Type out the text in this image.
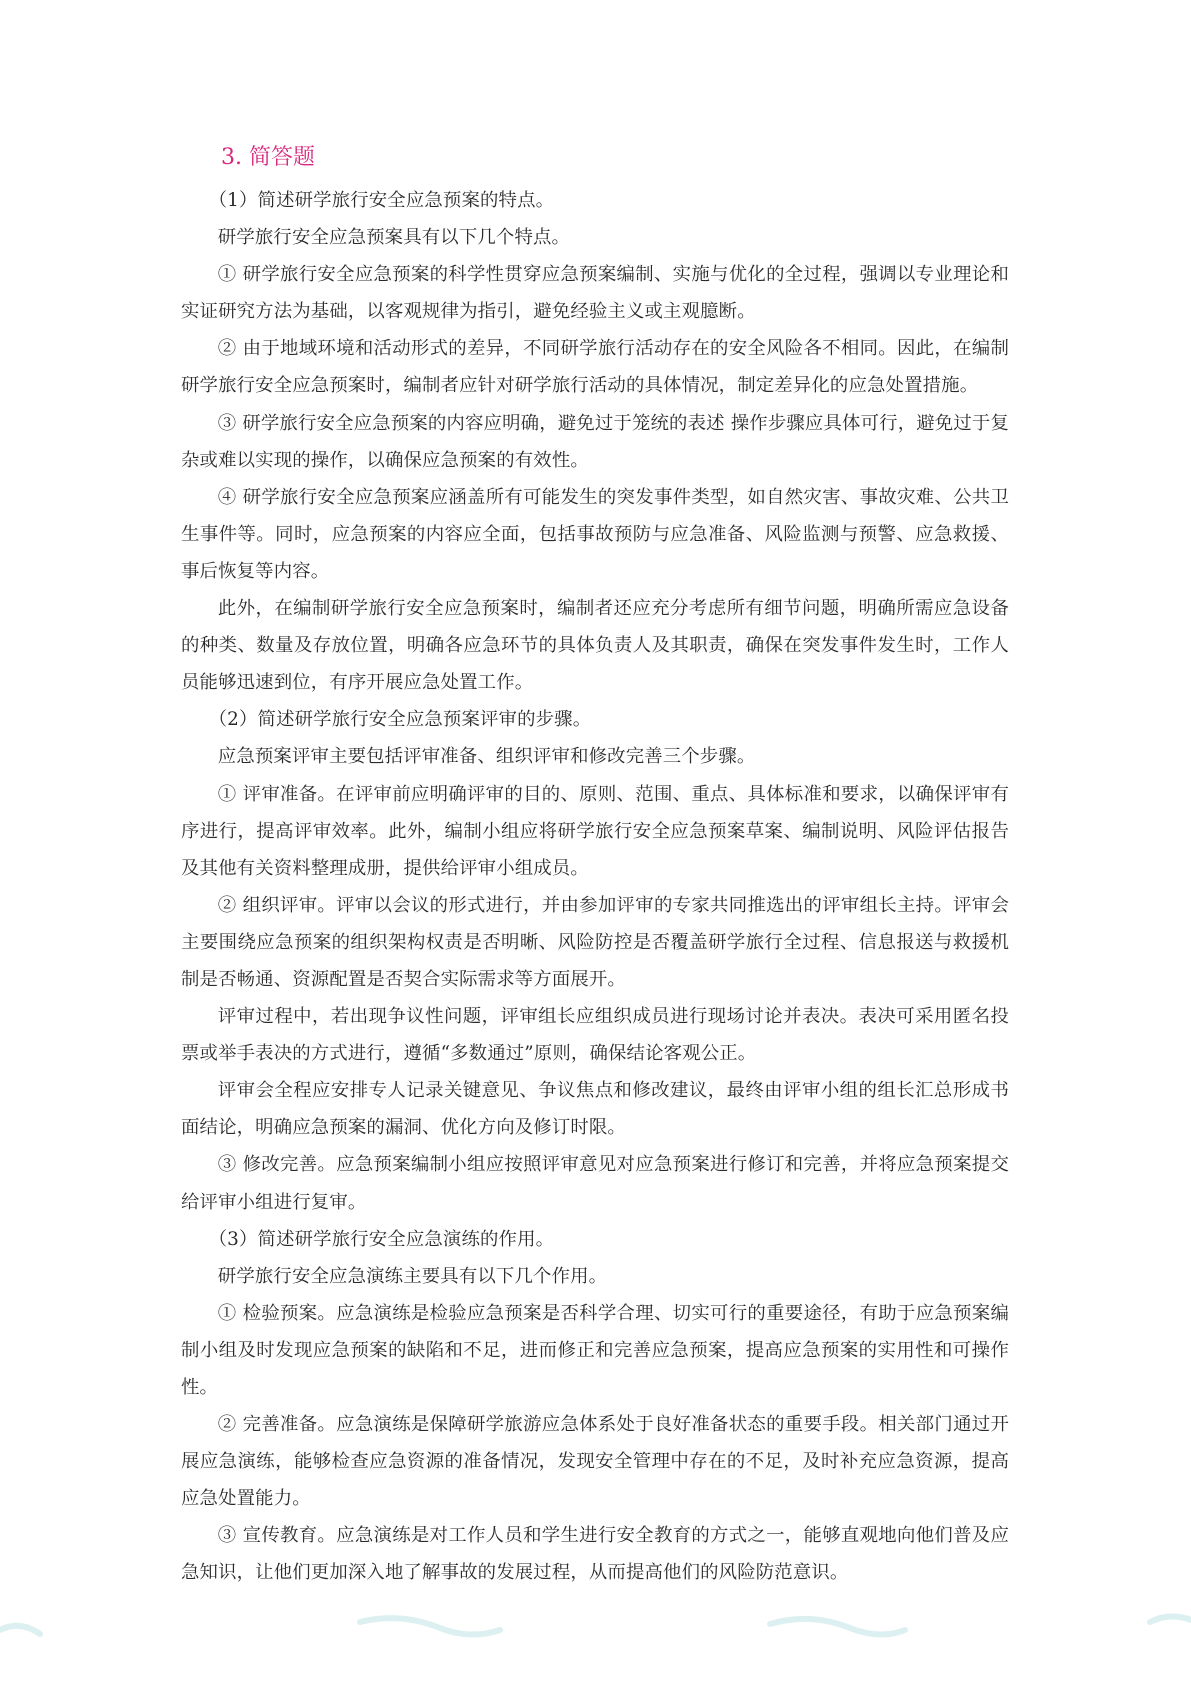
3. 简答题

（1）简述研学旅行安全应急预案的特点。

研学旅行安全应急预案具有以下几个特点。

① 研学旅行安全应急预案的科学性贯穿应急预案编制、实施与优化的全过程，强调以专业理论和实证研究方法为基础，以客观规律为指引，避免经验主义或主观臆断。

② 由于地域环境和活动形式的差异，不同研学旅行活动存在的安全风险各不相同。因此，在编制研学旅行安全应急预案时，编制者应针对研学旅行活动的具体情况，制定差异化的应急处置措施。

③ 研学旅行安全应急预案的内容应明确，避免过于笼统的表述 操作步骤应具体可行，避免过于复杂或难以实现的操作，以确保应急预案的有效性。

④ 研学旅行安全应急预案应涵盖所有可能发生的突发事件类型，如自然灾害、事故灾难、公共卫生事件等。同时，应急预案的内容应全面，包括事故预防与应急准备、风险监测与预警、应急救援、事后恢复等内容。

此外，在编制研学旅行安全应急预案时，编制者还应充分考虑所有细节问题，明确所需应急设备的种类、数量及存放位置，明确各应急环节的具体负责人及其职责，确保在突发事件发生时，工作人员能够迅速到位，有序开展应急处置工作。

（2）简述研学旅行安全应急预案评审的步骤。

应急预案评审主要包括评审准备、组织评审和修改完善三个步骤。

① 评审准备。在评审前应明确评审的目的、原则、范围、重点、具体标准和要求，以确保评审有序进行，提高评审效率。此外，编制小组应将研学旅行安全应急预案草案、编制说明、风险评估报告及其他有关资料整理成册，提供给评审小组成员。

② 组织评审。评审以会议的形式进行，并由参加评审的专家共同推选出的评审组长主持。评审会主要围绕应急预案的组织架构权责是否明晰、风险防控是否覆盖研学旅行全过程、信息报送与救援机制是否畅通、资源配置是否契合实际需求等方面展开。

评审过程中，若出现争议性问题，评审组长应组织成员进行现场讨论并表决。表决可采用匿名投票或举手表决的方式进行，遵循“多数通过”原则，确保结论客观公正。

评审会全程应安排专人记录关键意见、争议焦点和修改建议，最终由评审小组的组长汇总形成书面结论，明确应急预案的漏洞、优化方向及修订时限。

③ 修改完善。应急预案编制小组应按照评审意见对应急预案进行修订和完善，并将应急预案提交给评审小组进行复审。

（3）简述研学旅行安全应急演练的作用。

研学旅行安全应急演练主要具有以下几个作用。

① 检验预案。应急演练是检验应急预案是否科学合理、切实可行的重要途径，有助于应急预案编制小组及时发现应急预案的缺陷和不足，进而修正和完善应急预案，提高应急预案的实用性和可操作性。

② 完善准备。应急演练是保障研学旅游应急体系处于良好准备状态的重要手段。相关部门通过开展应急演练，能够检查应急资源的准备情况，发现安全管理中存在的不足，及时补充应急资源，提高应急处置能力。

③ 宣传教育。应急演练是对工作人员和学生进行安全教育的方式之一，能够直观地向他们普及应急知识，让他们更加深入地了解事故的发展过程，从而提高他们的风险防范意识。
